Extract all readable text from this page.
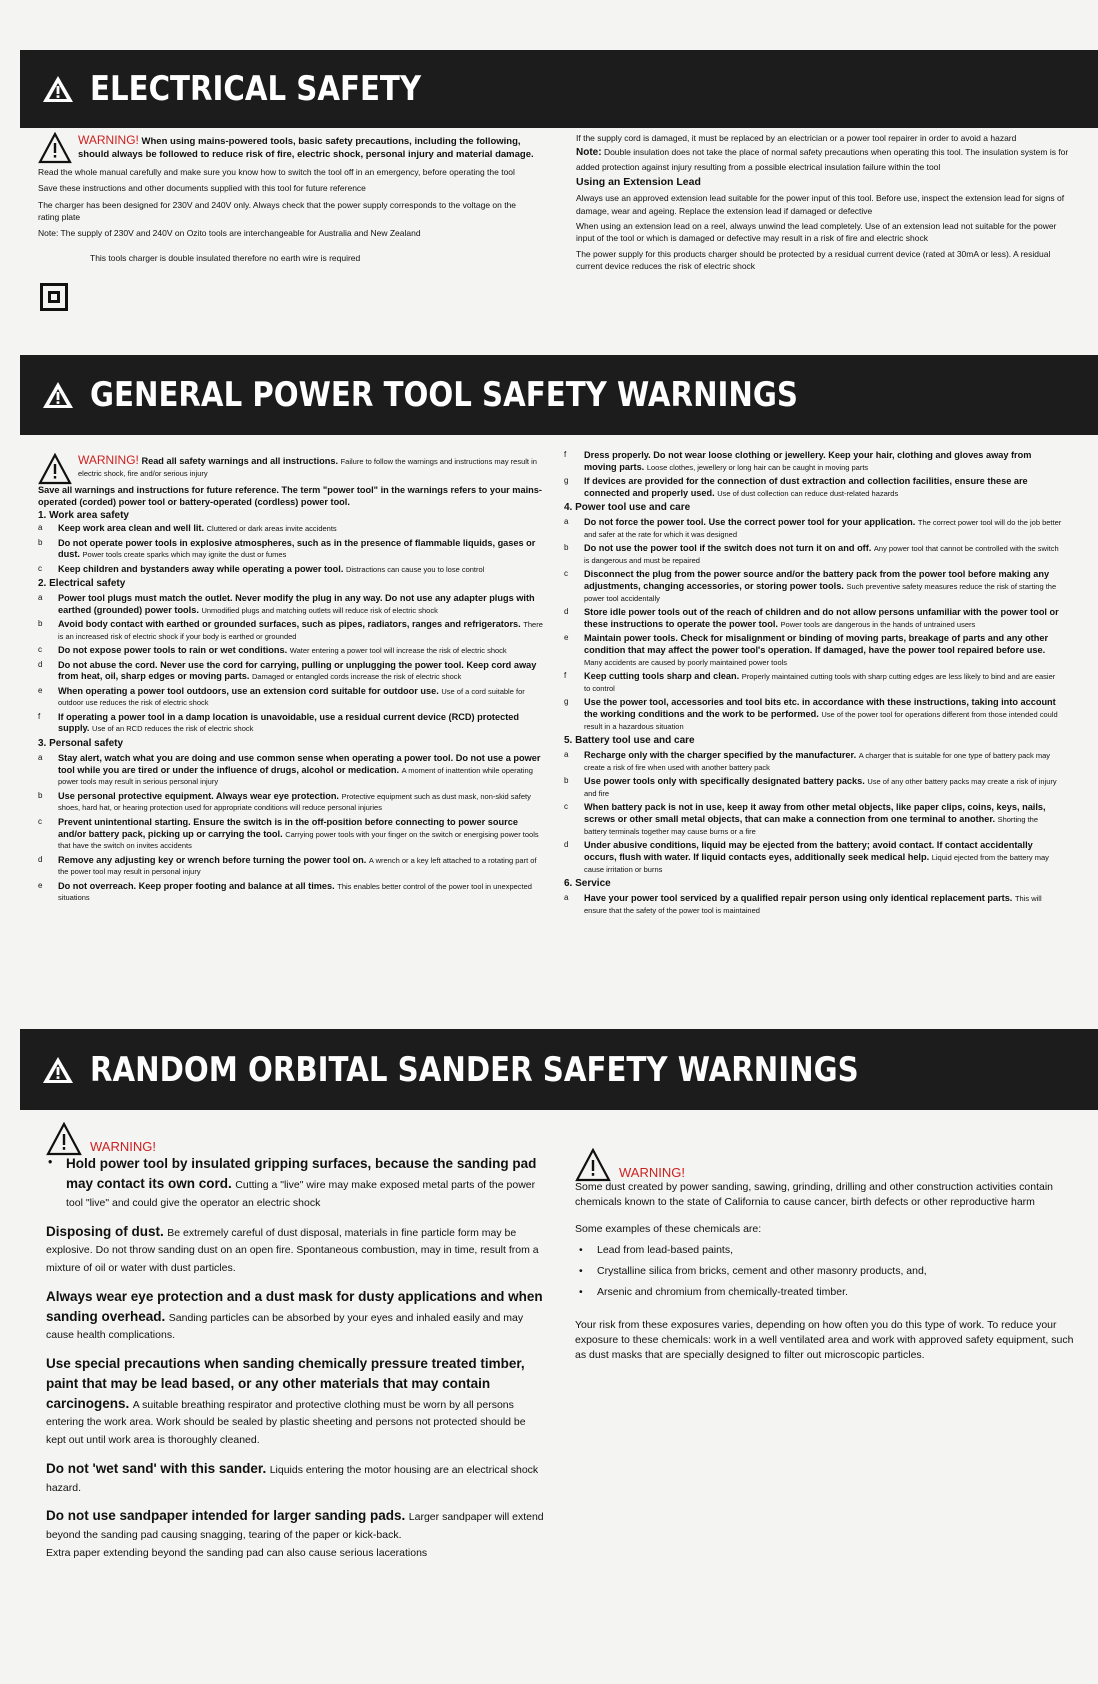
ELECTRICAL SAFETY
WARNING! When using mains-powered tools, basic safety precautions, including the following, should always be followed to reduce risk of fire, electric shock, personal injury and material damage.

Read the whole manual carefully and make sure you know how to switch the tool off in an emergency, before operating the tool

Save these instructions and other documents supplied with this tool for future reference

The charger has been designed for 230V and 240V only. Always check that the power supply corresponds to the voltage on the rating plate

Note: The supply of 230V and 240V on Ozito tools are interchangeable for Australia and New Zealand

This tools charger is double insulated therefore no earth wire is required

If the supply cord is damaged, it must be replaced by an electrician or a power tool repairer in order to avoid a hazard

Note: Double insulation does not take the place of normal safety precautions when operating this tool. The insulation system is for added protection against injury resulting from a possible electrical insulation failure within the tool

Using an Extension Lead

Always use an approved extension lead suitable for the power input of this tool. Before use, inspect the extension lead for signs of damage, wear and ageing. Replace the extension lead if damaged or defective

When using an extension lead on a reel, always unwind the lead completely. Use of an extension lead not suitable for the power input of the tool or which is damaged or defective may result in a risk of fire and electric shock

The power supply for this products charger should be protected by a residual current device (rated at 30mA or less). A residual current device reduces the risk of electric shock

GENERAL POWER TOOL SAFETY WARNINGS
WARNING! Read all safety warnings and all instructions. Failure to follow the warnings and instructions may result in electric shock, fire and/or serious injury

Save all warnings and instructions for future reference. The term "power tool" in the warnings refers to your mains-operated (corded) power tool or battery-operated (cordless) power tool.

1. Work area safety
a	Keep work area clean and well lit. Cluttered or dark areas invite accidents
b	Do not operate power tools in explosive atmospheres, such as in the presence of flammable liquids, gases or dust. Power tools create sparks which may ignite the dust or fumes
c	Keep children and bystanders away while operating a power tool. Distractions can cause you to lose control
2. Electrical safety
a	Power tool plugs must match the outlet. Never modify the plug in any way. Do not use any adapter plugs with earthed (grounded) power tools. Unmodified plugs and matching outlets will reduce risk of electric shock
b	Avoid body contact with earthed or grounded surfaces, such as pipes, radiators, ranges and refrigerators. There is an increased risk of electric shock if your body is earthed or grounded
c	Do not expose power tools to rain or wet conditions. Water entering a power tool will increase the risk of electric shock
d	Do not abuse the cord. Never use the cord for carrying, pulling or unplugging the power tool. Keep cord away from heat, oil, sharp edges or moving parts. Damaged or entangled cords increase the risk of electric shock
e	When operating a power tool outdoors, use an extension cord suitable for outdoor use. Use of a cord suitable for outdoor use reduces the risk of electric shock
f	If operating a power tool in a damp location is unavoidable, use a residual current device (RCD) protected supply. Use of an RCD reduces the risk of electric shock
3. Personal safety
a	Stay alert, watch what you are doing and use common sense when operating a power tool. Do not use a power tool while you are tired or under the influence of drugs, alcohol or medication. A moment of inattention while operating power tools may result in serious personal injury
b	Use personal protective equipment. Always wear eye protection. Protective equipment such as dust mask, non-skid safety shoes, hard hat, or hearing protection used for appropriate conditions will reduce personal injuries
c	Prevent unintentional starting. Ensure the switch is in the off-position before connecting to power source and/or battery pack, picking up or carrying the tool. Carrying power tools with your finger on the switch or energising power tools that have the switch on invites accidents
d	Remove any adjusting key or wrench before turning the power tool on. A wrench or a key left attached to a rotating part of the power tool may result in personal injury
e	Do not overreach. Keep proper footing and balance at all times. This enables better control of the power tool in unexpected situations
f	Dress properly. Do not wear loose clothing or jewellery. Keep your hair, clothing and gloves away from moving parts. Loose clothes, jewellery or long hair can be caught in moving parts
g	If devices are provided for the connection of dust extraction and collection facilities, ensure these are connected and properly used. Use of dust collection can reduce dust-related hazards
4. Power tool use and care
a	Do not force the power tool. Use the correct power tool for your application. The correct power tool will do the job better and safer at the rate for which it was designed
b	Do not use the power tool if the switch does not turn it on and off. Any power tool that cannot be controlled with the switch is dangerous and must be repaired
c	Disconnect the plug from the power source and/or the battery pack from the power tool before making any adjustments, changing accessories, or storing power tools. Such preventive safety measures reduce the risk of starting the power tool accidentally
d	Store idle power tools out of the reach of children and do not allow persons unfamiliar with the power tool or these instructions to operate the power tool. Power tools are dangerous in the hands of untrained users
e	Maintain power tools. Check for misalignment or binding of moving parts, breakage of parts and any other condition that may affect the power tool's operation. If damaged, have the power tool repaired before use. Many accidents are caused by poorly maintained power tools
f	Keep cutting tools sharp and clean. Properly maintained cutting tools with sharp cutting edges are less likely to bind and are easier to control
g	Use the power tool, accessories and tool bits etc. in accordance with these instructions, taking into account the working conditions and the work to be performed. Use of the power tool for operations different from those intended could result in a hazardous situation
5. Battery tool use and care
a	Recharge only with the charger specified by the manufacturer. A charger that is suitable for one type of battery pack may create a risk of fire when used with another battery pack
b	Use power tools only with specifically designated battery packs. Use of any other battery packs may create a risk of injury and fire
c	When battery pack is not in use, keep it away from other metal objects, like paper clips, coins, keys, nails, screws or other small metal objects, that can make a connection from one terminal to another. Shorting the battery terminals together may cause burns or a fire
d	Under abusive conditions, liquid may be ejected from the battery; avoid contact. If contact accidentally occurs, flush with water. If liquid contacts eyes, additionally seek medical help. Liquid ejected from the battery may cause irritation or burns
6. Service
a	Have your power tool serviced by a qualified repair person using only identical replacement parts. This will ensure that the safety of the power tool is maintained
RANDOM ORBITAL SANDER SAFETY WARNINGS
WARNING!
•	Hold power tool by insulated gripping surfaces, because the sanding pad may contact its own cord. Cutting a "live" wire may make exposed metal parts of the power tool "live" and could give the operator an electric shock

Disposing of dust. Be extremely careful of dust disposal, materials in fine particle form may be explosive. Do not throw sanding dust on an open fire. Spontaneous combustion, may in time, result from a mixture of oil or water with dust particles.

Always wear eye protection and a dust mask for dusty applications and when sanding overhead. Sanding particles can be absorbed by your eyes and inhaled easily and may cause health complications.

Use special precautions when sanding chemically pressure treated timber, paint that may be lead based, or any other materials that may contain carcinogens. A suitable breathing respirator and protective clothing must be worn by all persons entering the work area. Work should be sealed by plastic sheeting and persons not protected should be kept out until work area is thoroughly cleaned.

Do not 'wet sand' with this sander. Liquids entering the motor housing are an electrical shock hazard.

Do not use sandpaper intended for larger sanding pads. Larger sandpaper will extend beyond the sanding pad causing snagging, tearing of the paper or kick-back.

Extra paper extending beyond the sanding pad can also cause serious lacerations

WARNING!

Some dust created by power sanding, sawing, grinding, drilling and other construction activities contain chemicals known to the state of California to cause cancer, birth defects or other reproductive harm

Some examples of these chemicals are:

•	Lead from lead-based paints,
•	Crystalline silica from bricks, cement and other masonry products, and,
•	Arsenic and chromium from chemically-treated timber.

Your risk from these exposures varies, depending on how often you do this type of work. To reduce your exposure to these chemicals: work in a well ventilated area and work with approved safety equipment, such as dust masks that are specially designed to filter out microscopic particles.
